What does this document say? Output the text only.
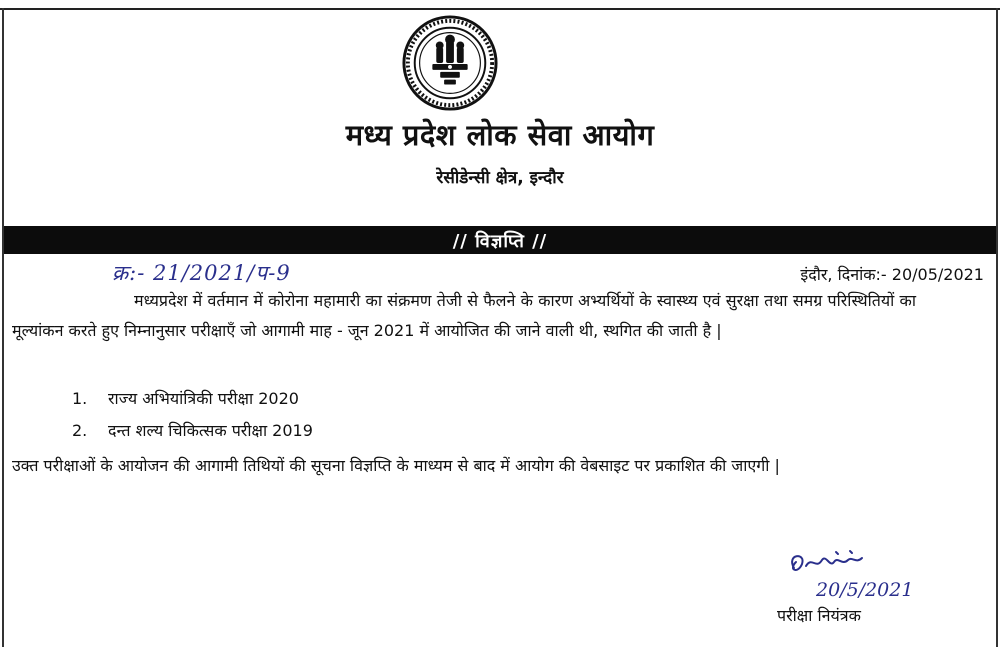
मध्य प्रदेश लोक सेवा आयोग
रेसीडेन्सी क्षेत्र, इन्दौर
// विज्ञप्ति //
क्र:- 21/2021/प-9	इंदौर, दिनांक:- 20/05/2021
मध्यप्रदेश में वर्तमान में कोरोना महामारी का संक्रमण तेजी से फैलने के कारण अभ्यर्थियों के स्वास्थ्य एवं सुरक्षा तथा समग्र परिस्थितियों का मूल्यांकन करते हुए निम्नानुसार परीक्षाएँ जो आगामी माह - जून 2021 में आयोजित की जाने वाली थी, स्थगित की जाती है |
1. राज्य अभियांत्रिकी परीक्षा 2020
2. दन्त शल्य चिकित्सक परीक्षा 2019
उक्त परीक्षाओं के आयोजन की आगामी तिथियों की सूचना विज्ञप्ति के माध्यम से बाद में आयोग की वेबसाइट पर प्रकाशित की जाएगी |
20/5/2021
परीक्षा नियंत्रक
